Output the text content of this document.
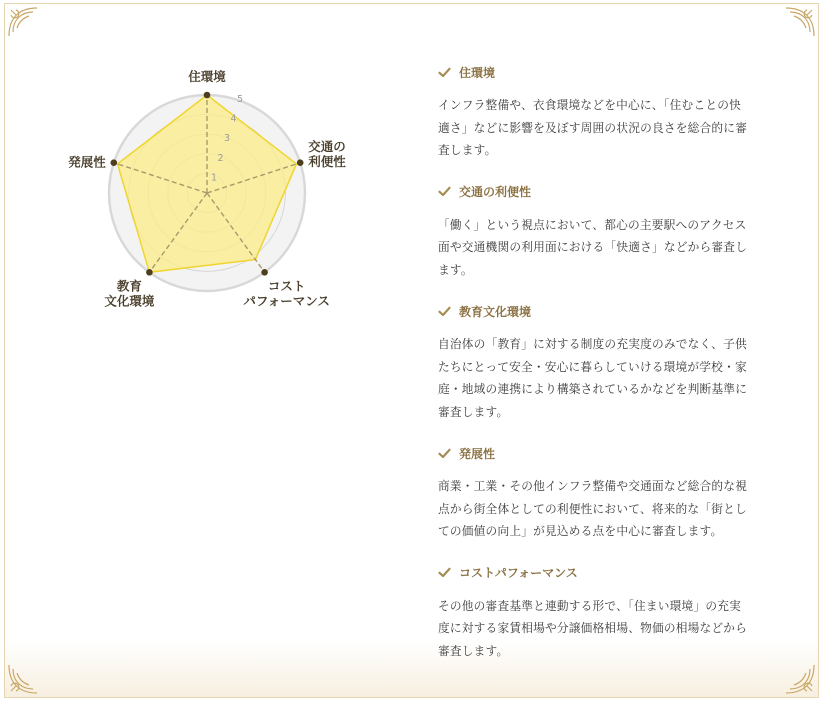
1
2
3
4
5
住環境
交通の利便性
コストパフォーマンス
教育文化環境
発展性
住環境

インフラ整備や、衣食環境などを中心に、「住むことの快適さ」などに影響を及ぼす周囲の状況の良さを総合的に審査します。

交通の利便性

「働く」という視点において、都心の主要駅へのアクセス面や交通機関の利用面における「快適さ」などから審査します。

教育文化環境

自治体の「教育」に対する制度の充実度のみでなく、子供たちにとって安全・安心に暮らしていける環境が学校・家庭・地域の連携により構築されているかなどを判断基準に審査します。

発展性

商業・工業・その他インフラ整備や交通面など総合的な視点から街全体としての利便性において、将来的な「街としての価値の向上」が見込める点を中心に審査します。

コストパフォーマンス

その他の審査基準と連動する形で、「住まい環境」の充実度に対する家賃相場や分譲価格相場、物価の相場などから審査します。
